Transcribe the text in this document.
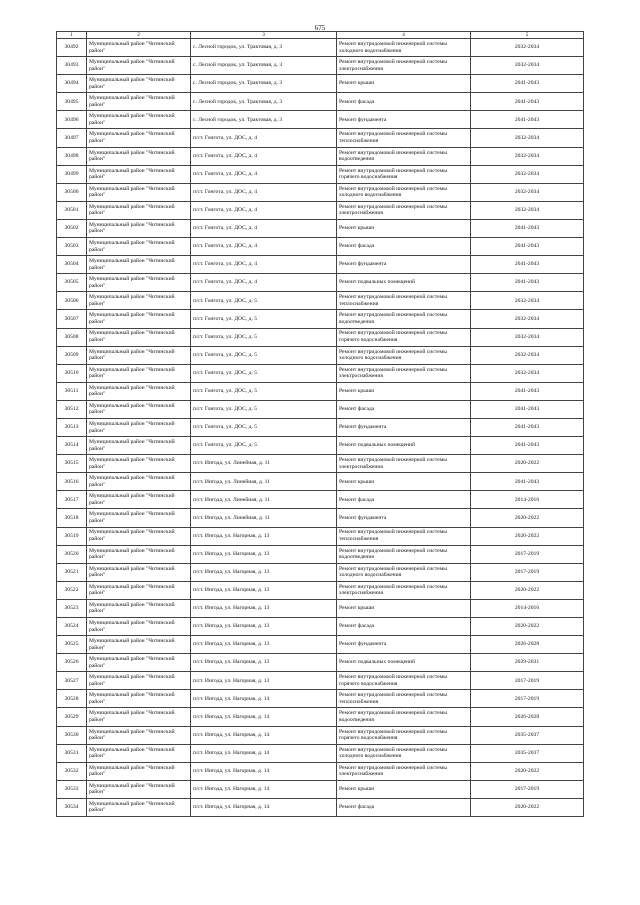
675
1	2	3	4	5
30492	Муниципальный район "Читинский район"	с. Лесной городок, ул. Трактовая, д. 3	Ремонт внутридомовой инженерной системы холодного водоснабжения	2032-2034
30493	Муниципальный район "Читинский район"	с. Лесной городок, ул. Трактовая, д. 3	Ремонт внутридомовой инженерной системы электроснабжения	2032-2034
30494	Муниципальный район "Читинский район"	с. Лесной городок, ул. Трактовая, д. 3	Ремонт крыши	2041-2043
30495	Муниципальный район "Читинский район"	с. Лесной городок, ул. Трактовая, д. 3	Ремонт фасада	2041-2043
30496	Муниципальный район "Читинский район"	с. Лесной городок, ул. Трактовая, д. 3	Ремонт фундамента	2041-2043
30497	Муниципальный район "Читинский район"	п/ст. Гонгота, ул. ДОС, д. 4	Ремонт внутридомовой инженерной системы теплоснабжения	2032-2034
30498	Муниципальный район "Читинский район"	п/ст. Гонгота, ул. ДОС, д. 4	Ремонт внутридомовой инженерной системы водоотведения	2032-2034
30499	Муниципальный район "Читинский район"	п/ст. Гонгота, ул. ДОС, д. 4	Ремонт внутридомовой инженерной системы горячего водоснабжения	2032-2034
30500	Муниципальный район "Читинский район"	п/ст. Гонгота, ул. ДОС, д. 4	Ремонт внутридомовой инженерной системы холодного водоснабжения	2032-2034
30501	Муниципальный район "Читинский район"	п/ст. Гонгота, ул. ДОС, д. 4	Ремонт внутридомовой инженерной системы электроснабжения	2032-2034
30502	Муниципальный район "Читинский район"	п/ст. Гонгота, ул. ДОС, д. 4	Ремонт крыши	2041-2043
30503	Муниципальный район "Читинский район"	п/ст. Гонгота, ул. ДОС, д. 4	Ремонт фасада	2041-2043
30504	Муниципальный район "Читинский район"	п/ст. Гонгота, ул. ДОС, д. 4	Ремонт фундамента	2041-2043
30505	Муниципальный район "Читинский район"	п/ст. Гонгота, ул. ДОС, д. 4	Ремонт подвальных помещений	2041-2043
30506	Муниципальный район "Читинский район"	п/ст. Гонгота, ул. ДОС, д. 5	Ремонт внутридомовой инженерной системы теплоснабжения	2032-2034
30507	Муниципальный район "Читинский район"	п/ст. Гонгота, ул. ДОС, д. 5	Ремонт внутридомовой инженерной системы водоотведения	2032-2034
30508	Муниципальный район "Читинский район"	п/ст. Гонгота, ул. ДОС, д. 5	Ремонт внутридомовой инженерной системы горячего водоснабжения	2032-2034
30509	Муниципальный район "Читинский район"	п/ст. Гонгота, ул. ДОС, д. 5	Ремонт внутридомовой инженерной системы холодного водоснабжения	2032-2034
30510	Муниципальный район "Читинский район"	п/ст. Гонгота, ул. ДОС, д. 5	Ремонт внутридомовой инженерной системы электроснабжения	2032-2034
30511	Муниципальный район "Читинский район"	п/ст. Гонгота, ул. ДОС, д. 5	Ремонт крыши	2041-2043
30512	Муниципальный район "Читинский район"	п/ст. Гонгота, ул. ДОС, д. 5	Ремонт фасада	2041-2043
30513	Муниципальный район "Читинский район"	п/ст. Гонгота, ул. ДОС, д. 5	Ремонт фундамента	2041-2043
30514	Муниципальный район "Читинский район"	п/ст. Гонгота, ул. ДОС, д. 5	Ремонт подвальных помещений	2041-2043
30515	Муниципальный район "Читинский район"	п/ст. Ингода, ул. Линейная, д. 11	Ремонт внутридомовой инженерной системы электроснабжения	2020-2022
30516	Муниципальный район "Читинский район"	п/ст. Ингода, ул. Линейная, д. 11	Ремонт крыши	2041-2043
30517	Муниципальный район "Читинский район"	п/ст. Ингода, ул. Линейная, д. 11	Ремонт фасада	2014-2016
30518	Муниципальный район "Читинский район"	п/ст. Ингода, ул. Линейная, д. 11	Ремонт фундамента	2020-2022
30519	Муниципальный район "Читинский район"	п/ст. Ингода, ул. Нагорная, д. 13	Ремонт внутридомовой инженерной системы теплоснабжения	2020-2022
30520	Муниципальный район "Читинский район"	п/ст. Ингода, ул. Нагорная, д. 13	Ремонт внутридомовой инженерной системы водоотведения	2017-2019
30521	Муниципальный район "Читинский район"	п/ст. Ингода, ул. Нагорная, д. 13	Ремонт внутридомовой инженерной системы холодного водоснабжения	2017-2019
30522	Муниципальный район "Читинский район"	п/ст. Ингода, ул. Нагорная, д. 13	Ремонт внутридомовой инженерной системы электроснабжения	2020-2022
30523	Муниципальный район "Читинский район"	п/ст. Ингода, ул. Нагорная, д. 13	Ремонт крыши	2014-2016
30524	Муниципальный район "Читинский район"	п/ст. Ингода, ул. Нагорная, д. 13	Ремонт фасада	2020-2022
30525	Муниципальный район "Читинский район"	п/ст. Ингода, ул. Нагорная, д. 13	Ремонт фундамента	2026-2028
30526	Муниципальный район "Читинский район"	п/ст. Ингода, ул. Нагорная, д. 13	Ремонт подвальных помещений	2029-2031
30527	Муниципальный район "Читинский район"	п/ст. Ингода, ул. Нагорная, д. 13	Ремонт внутридомовой инженерной системы горячего водоснабжения	2017-2019
30528	Муниципальный район "Читинский район"	п/ст. Ингода, ул. Нагорная, д. 14	Ремонт внутридомовой инженерной системы теплоснабжения	2017-2019
30529	Муниципальный район "Читинский район"	п/ст. Ингода, ул. Нагорная, д. 14	Ремонт внутридомовой инженерной системы водоотведения	2026-2028
30530	Муниципальный район "Читинский район"	п/ст. Ингода, ул. Нагорная, д. 14	Ремонт внутридомовой инженерной системы горячего водоснабжения	2035-2037
30531	Муниципальный район "Читинский район"	п/ст. Ингода, ул. Нагорная, д. 14	Ремонт внутридомовой инженерной системы холодного водоснабжения	2035-2037
30532	Муниципальный район "Читинский район"	п/ст. Ингода, ул. Нагорная, д. 14	Ремонт внутридомовой инженерной системы электроснабжения	2020-2022
30533	Муниципальный район "Читинский район"	п/ст. Ингода, ул. Нагорная, д. 14	Ремонт крыши	2017-2019
30534	Муниципальный район "Читинский район"	п/ст. Ингода, ул. Нагорная, д. 14	Ремонт фасада	2020-2022
